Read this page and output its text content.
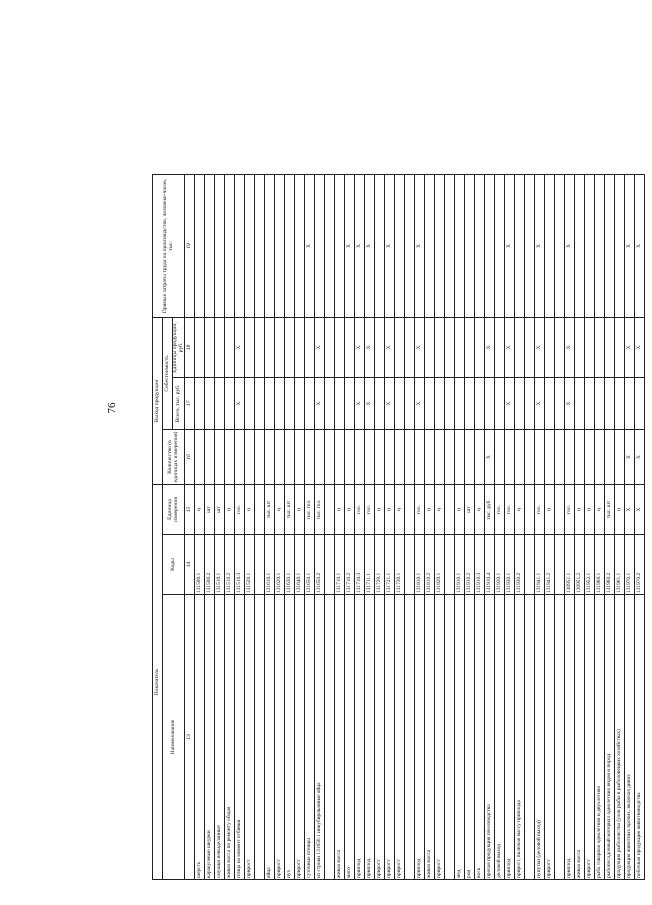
76
Показатель			Выход продукции			Прямые затраты труда на производство, человеко-часов, тыс.
Наименование	Коды	Единица измерения	Количество (в единицах измерения)	Себестоимость		
				Всего, тыс. руб.	Единицы продукции, руб.	
13	14	15	16	17	18	19
шерсть	131500.1	ц				
каракулевые шкурки	131500.2	шт				
смушки невыделанные	131510.1	шт				
живая масса по ремонту общая	131510.2	ц				
птица на момент отбивки	131510.3	гол.		X	X	
прирост	131520.1	ц				

яйца	131610.1	тыс. шт				
прирост	131620.1	ц				
пух	131630.1	тыс. шт				
прирост	131640.1	ц				
суточные птенцы	131650.1	тыс. гол.				X
из строки 131650.1 инкубированные яйца	131650.2	тыс. гол.		X	X	

живая масса	131710.1	ц				
мясо	131710.2	ц				X
приплод	131710.3	гол.		X	X	X
приплод	131711.1	гол.		X	X	X
прирост	131720.1	ц				
прирост	131721.1	ц		X	X	X
прирост	131730.1	ц				

приплод	131810.1	гол.		X	X	X
живая масса	131810.2	ц				
прирост	131820.1	ц				

мед	131910.1	ц				
рои	131910.2	шт				
воск	131910.3	ц				
прочая продукция пчеловодства	131910.4	тыс. руб.	X		X	
деловой выход	131920.1	гол.				
приплод	131930.1	гол.		X	X	X
прирост, включая массу приплода	131930.2	ц				

пупутки (деловой выход)	131941.1	гол.		X	X	X
прирост	131941.2	ц				

приплод	130951.1	гол.		X	X	X
живая масса	130951.2	ц				
прирост	131952.1	ц				
рыба товарная однолетняя и двухлетняя	131960.1	ц				
рыбопосадочный материал однолетних видов и пород	131960.2	тыс. шт				
продукция рыболовства (улов рыбы в рыболовецких хозяйствах)	131961.1	ц				
продукция животных прочих, включая диких	131970.1	X	X		X	X
побочная продукция животноводства	131970.2	X	X		X	X
